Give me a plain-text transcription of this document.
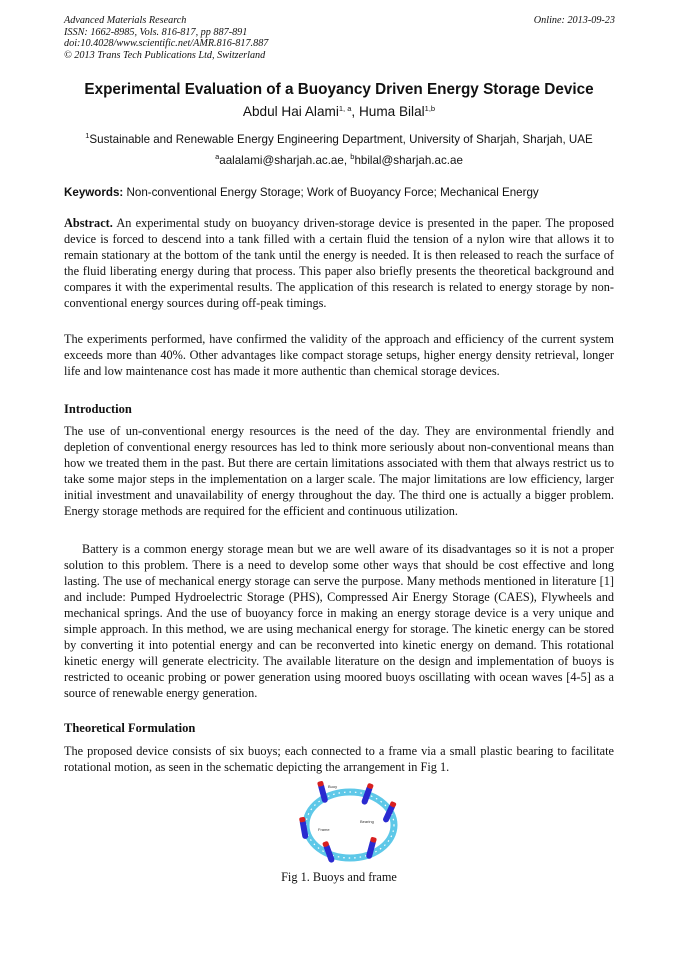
Advanced Materials Research
ISSN: 1662-8985, Vols. 816-817, pp 887-891
doi:10.4028/www.scientific.net/AMR.816-817.887
© 2013 Trans Tech Publications Ltd, Switzerland
Online: 2013-09-23
Experimental Evaluation of a Buoyancy Driven Energy Storage Device
Abdul Hai Alami$^{1, a}$, Huma Bilal$^{1,b}$
$^1$Sustainable and Renewable Energy Engineering Department, University of Sharjah, Sharjah, UAE
$^a$aalalami@sharjah.ac.ae, $^b$hbilal@sharjah.ac.ae
Keywords: Non-conventional Energy Storage; Work of Buoyancy Force; Mechanical Energy
Abstract. An experimental study on buoyancy driven-storage device is presented in the paper. The proposed device is forced to descend into a tank filled with a certain fluid the tension of a nylon wire that allows it to remain stationary at the bottom of the tank until the energy is needed. It is then released to reach the surface of the fluid liberating energy during that process. This paper also briefly presents the theoretical background and compares it with the experimental results. The application of this research is related to energy storage by non-conventional energy sources during off-peak timings.
The experiments performed, have confirmed the validity of the approach and efficiency of the current system exceeds more than 40%. Other advantages like compact storage setups, higher energy density retrieval, longer life and low maintenance cost has made it more authentic than chemical storage devices.
Introduction
The use of un-conventional energy resources is the need of the day. They are environmental friendly and depletion of conventional energy resources has led to think more seriously about non-conventional means than how we treated them in the past. But there are certain limitations associated with them that always restrict us to take some major steps in the implementation on a larger scale. The major limitations are low efficiency, larger initial investment and unavailability of energy throughout the day. The third one is actually a bigger problem. Energy storage methods are required for the efficient and continuous utilization.
Battery is a common energy storage mean but we are well aware of its disadvantages so it is not a proper solution to this problem. There is a need to develop some other ways that should be cost effective and long lasting. The use of mechanical energy storage can serve the purpose. Many methods mentioned in literature [1] and include: Pumped Hydroelectric Storage (PHS), Compressed Air Energy Storage (CAES), Flywheels and mechanical springs. And the use of buoyancy force in making an energy storage device is a very unique and simple approach. In this method, we are using mechanical energy for storage. The kinetic energy can be stored by converting it into potential energy and can be reconverted into kinetic energy on demand. This rotational kinetic energy will generate electricity. The available literature on the design and implementation of buoys is restricted to oceanic probing or power generation using moored buoys oscillating with ocean waves [4-5] as a source of renewable energy generation.
Theoretical Formulation
The proposed device consists of six buoys; each connected to a frame via a small plastic bearing to facilitate rotational motion, as seen in the schematic depicting the arrangement in Fig 1.
Buoy
Bearing
Frame
Fig 1. Buoys and frame
